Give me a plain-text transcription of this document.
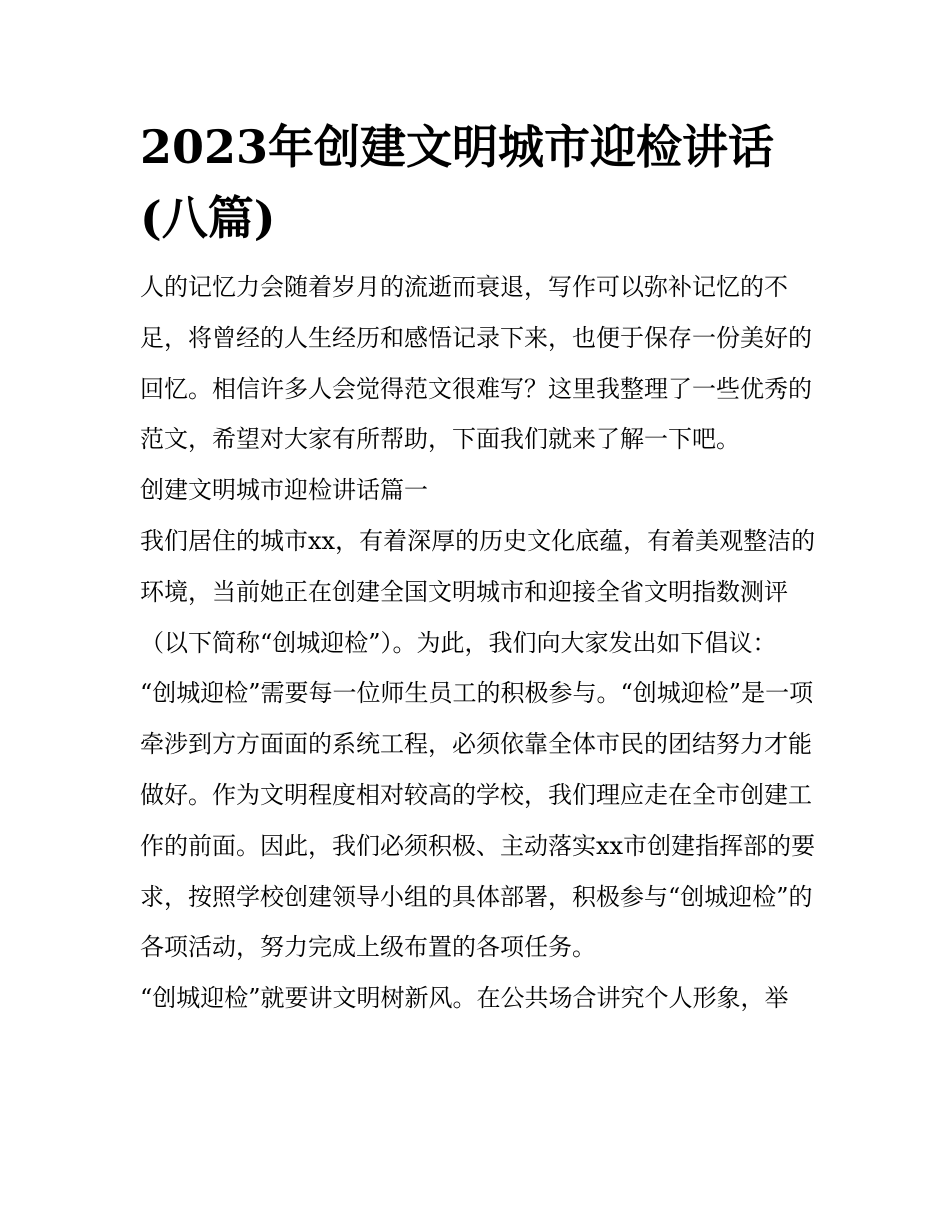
2023年创建文明城市迎检讲话(八篇)

人的记忆力会随着岁月的流逝而衰退，写作可以弥补记忆的不足，将曾经的人生经历和感悟记录下来，也便于保存一份美好的回忆。相信许多人会觉得范文很难写？这里我整理了一些优秀的范文，希望对大家有所帮助，下面我们就来了解一下吧。

创建文明城市迎检讲话篇一

我们居住的城市xx，有着深厚的历史文化底蕴，有着美观整洁的环境，当前她正在创建全国文明城市和迎接全省文明指数测评（以下简称“创城迎检”）。为此，我们向大家发出如下倡议：

“创城迎检”需要每一位师生员工的积极参与。“创城迎检”是一项牵涉到方方面面的系统工程，必须依靠全体市民的团结努力才能做好。作为文明程度相对较高的学校，我们理应走在全市创建工作的前面。因此，我们必须积极、主动落实xx市创建指挥部的要求，按照学校创建领导小组的具体部署，积极参与“创城迎检”的各项活动，努力完成上级布置的各项任务。

“创城迎检”就要讲文明树新风。在公共场合讲究个人形象，举
